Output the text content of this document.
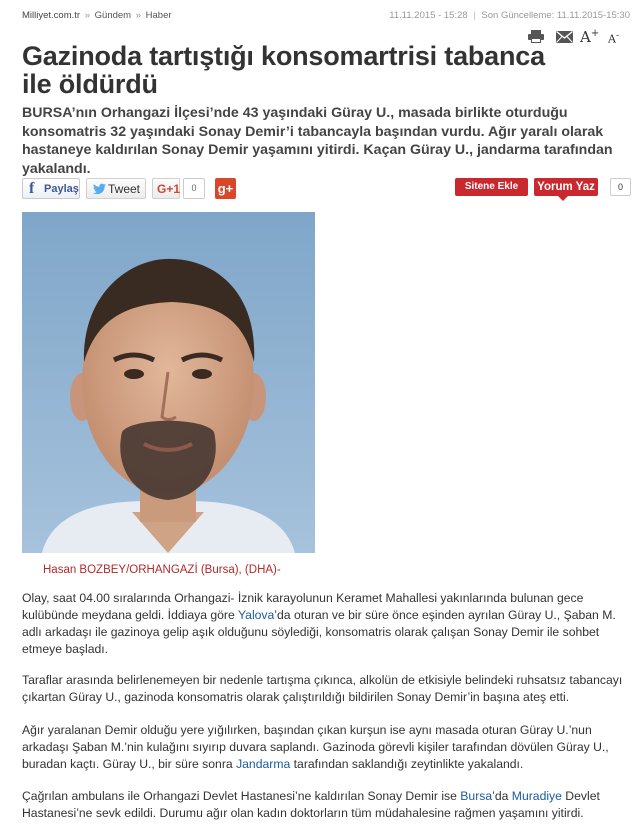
Milliyet.com.tr » Gündem » Haber	11.11.2015 - 15:28 | Son Güncelleme: 11.11.2015-15:30
A+ A-
Gazinoda tartıştığı konsomartrisi tabanca ile öldürdü

BURSA’nın Orhangazi İlçesi’nde 43 yaşındaki Güray U., masada birlikte oturduğu konsomatris 32 yaşındaki Sonay Demir’i tabancayla başından vurdu. Ağır yaralı olarak hastaneye kaldırılan Sonay Demir yaşamını yitirdi. Kaçan Güray U., jandarma tarafından yakalandı.

f Paylaş Tweet G+1	0	g+	Sitene Ekle	Yorum Yaz	0
Hasan BOZBEY/ORHANGAZİ (Bursa), (DHA)-

Olay, saat 04.00 sıralarında Orhangazi- İznik karayolunun Keramet Mahallesi yakınlarında bulunan gece kulübünde meydana geldi. İddiaya göre Yalova’da oturan ve bir süre önce eşinden ayrılan Güray U., Şaban M. adlı arkadaşı ile gazinoya gelip aşık olduğunu söylediği, konsomatris olarak çalışan Sonay Demir ile sohbet etmeye başladı.

Taraflar arasında belirlenemeyen bir nedenle tartışma çıkınca, alkolün de etkisiyle belindeki ruhsatsız tabancayı çıkartan Güray U., gazinoda konsomatris olarak çalıştırıldığı bildirilen Sonay Demir’in başına ateş etti.

Ağır yaralanan Demir olduğu yere yığılırken, başından çıkan kurşun ise aynı masada oturan Güray U.’nun arkadaşı Şaban M.’nin kulağını sıyırıp duvara saplandı. Gazinoda görevli kişiler tarafından dövülen Güray U., buradan kaçtı. Güray U., bir süre sonra Jandarma tarafından saklandığı zeytinlikte yakalandı.

Çağrılan ambulans ile Orhangazi Devlet Hastanesi’ne kaldırılan Sonay Demir ise Bursa’da Muradiye Devlet Hastanesi’ne sevk edildi. Durumu ağır olan kadın doktorların tüm müdahalesine rağmen yaşamını yitirdi.
